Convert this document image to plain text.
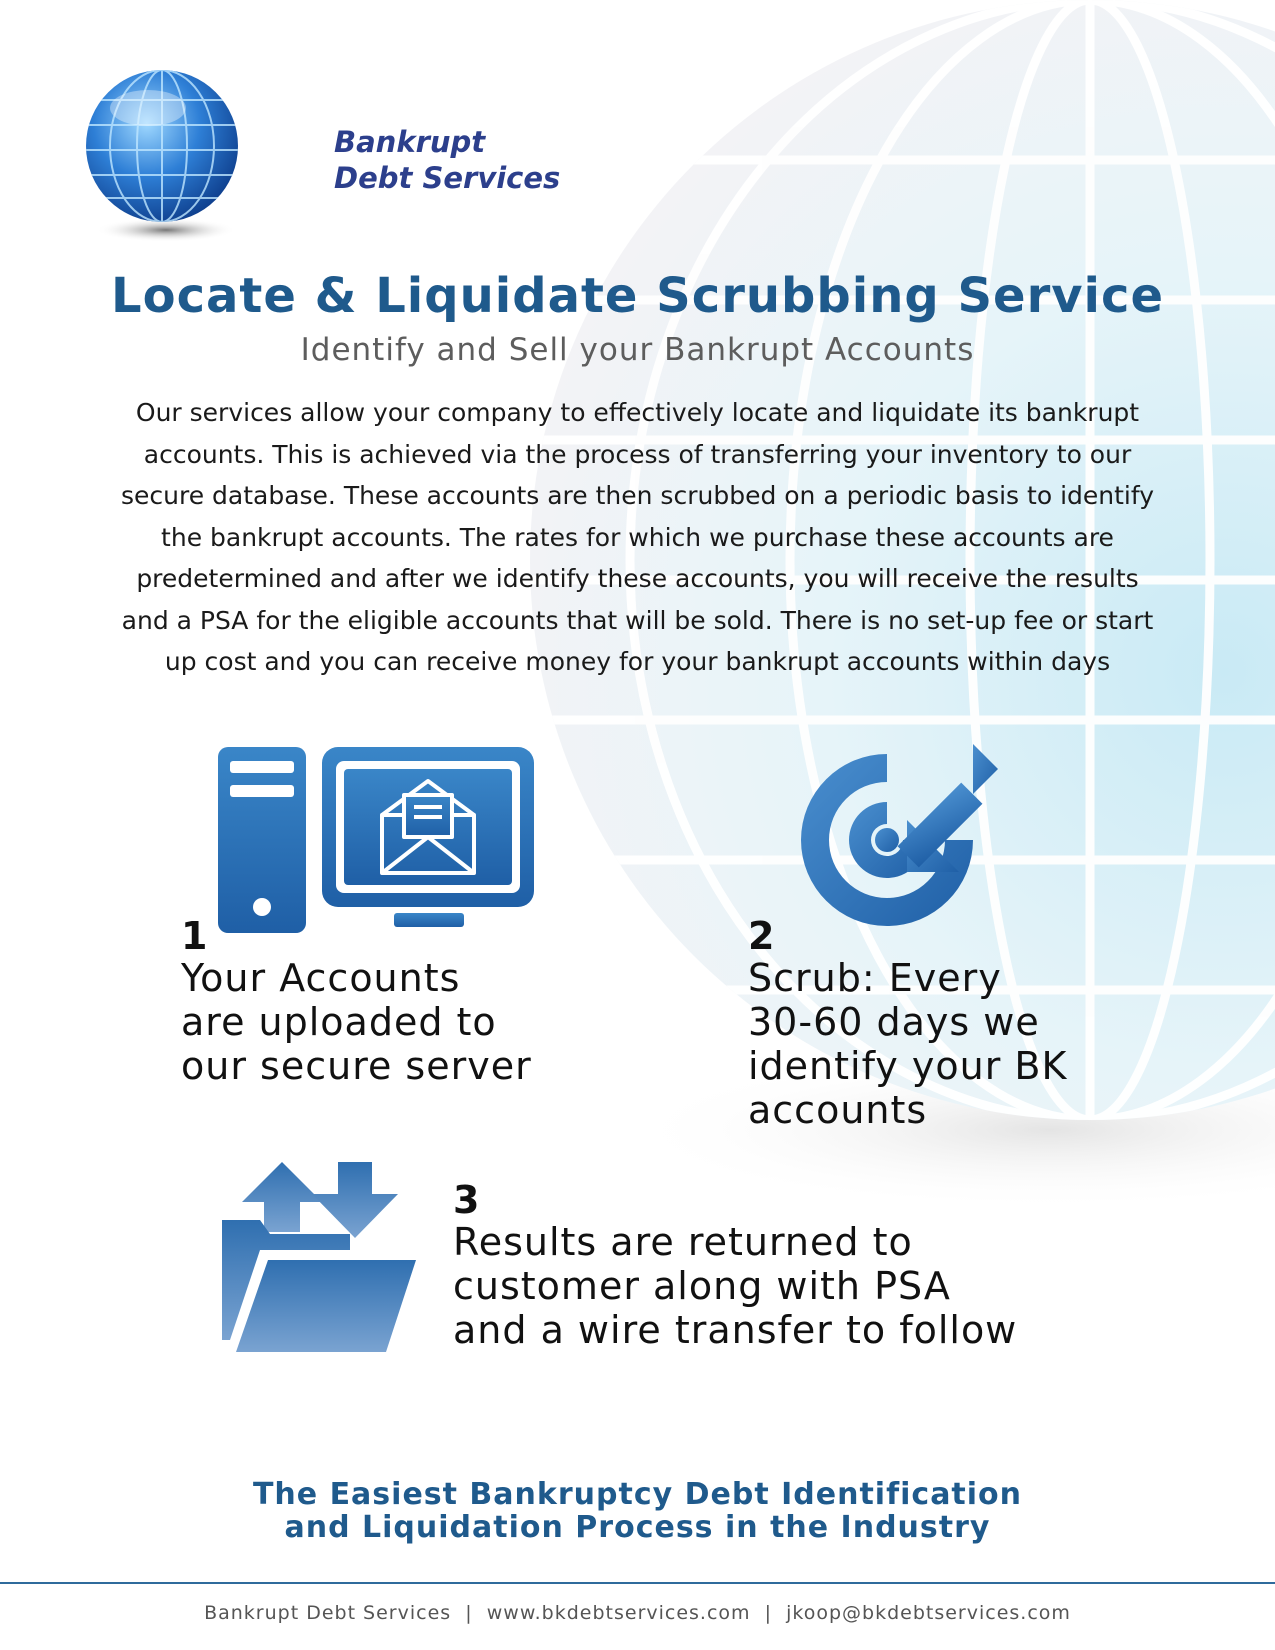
Bankrupt
Debt Services
Locate & Liquidate Scrubbing Service
Identify and Sell your Bankrupt Accounts
Our services allow your company to effectively locate and liquidate its bankrupt
accounts. This is achieved via the process of transferring your inventory to our
secure database. These accounts are then scrubbed on a periodic basis to identify
the bankrupt accounts. The rates for which we purchase these accounts are
predetermined and after we identify these accounts, you will receive the results
and a PSA for the eligible accounts that will be sold. There is no set-up fee or start
up cost and you can receive money for your bankrupt accounts within days
1
Your Accounts
are uploaded to
our secure server
2
Scrub: Every
30-60 days we
identify your BK
accounts
3
Results are returned to
customer along with PSA
and a wire transfer to follow
The Easiest Bankruptcy Debt Identification
and Liquidation Process in the Industry
Bankrupt Debt Services  |  www.bkdebtservices.com  |  jkoop@bkdebtservices.com
